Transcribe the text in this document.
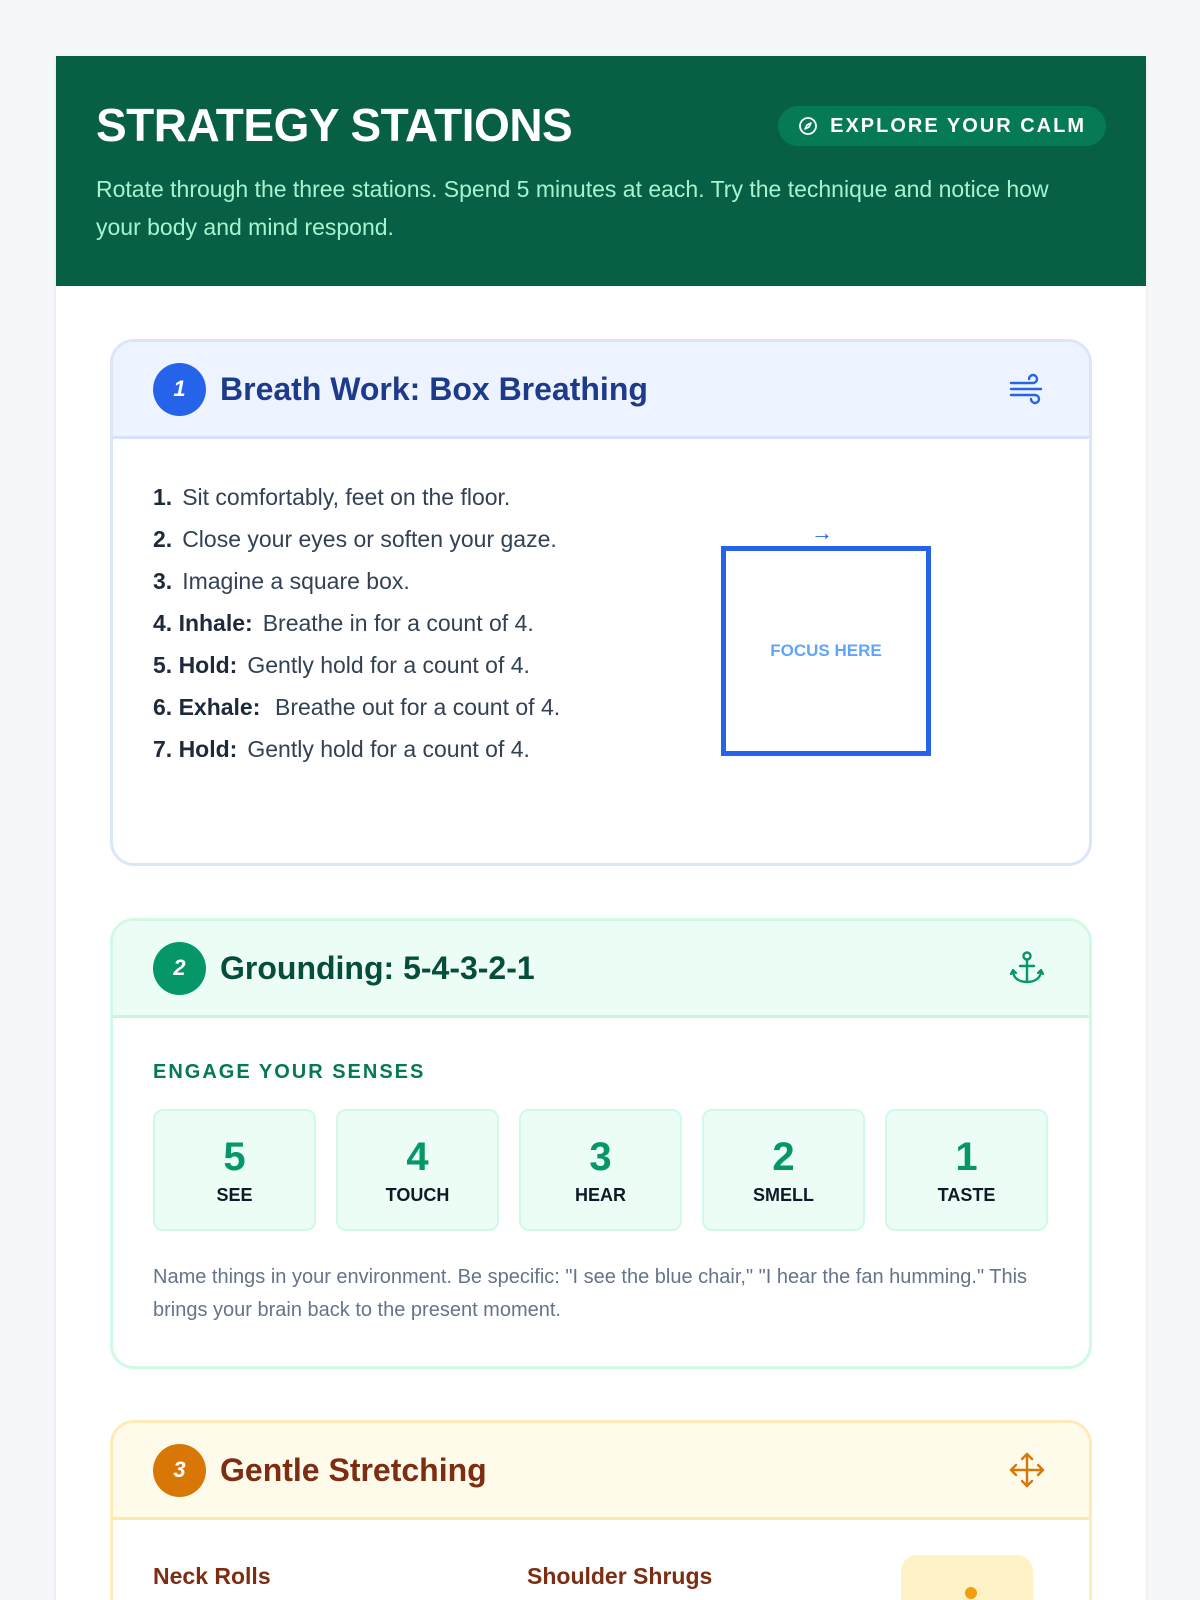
STRATEGY STATIONS	EXPLORE YOUR CALM

Rotate through the three stations. Spend 5 minutes at each. Try the technique and notice how your body and mind respond.

1	Breath Work: Box Breathing
1. Sit comfortably, feet on the floor.
2. Close your eyes or soften your gaze.
3. Imagine a square box.
4. Inhale: Breathe in for a count of 4.
5. Hold: Gently hold for a count of 4.
6. Exhale: Breathe out for a count of 4.
7. Hold: Gently hold for a count of 4.
→
FOCUS HERE
2	Grounding: 5-4-3-2-1
ENGAGE YOUR SENSES
5
SEE
4
TOUCH
3
HEAR
2
SMELL
1
TASTE

Name things in your environment. Be specific: "I see the blue chair," "I hear the fan humming." This brings your brain back to the present moment.

3	Gentle Stretching
Neck Rolls	Shoulder Shrugs
